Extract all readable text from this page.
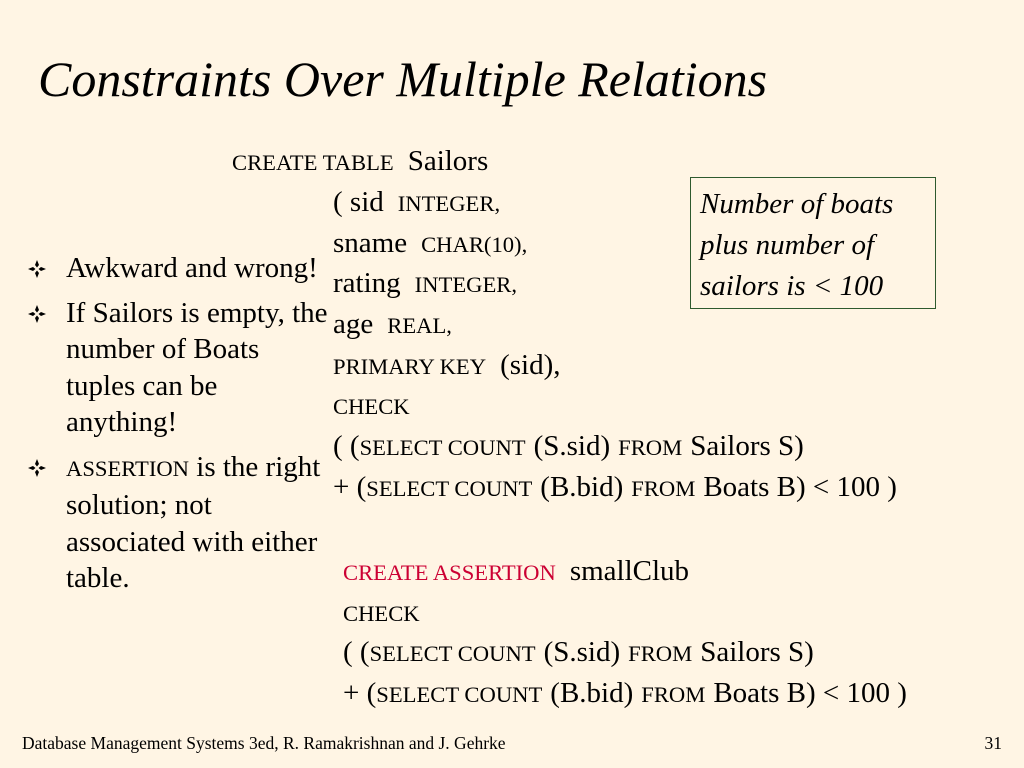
Constraints Over Multiple Relations
CREATE TABLE Sailors
( sid INTEGER,
sname CHAR(10),
rating INTEGER,
age REAL,
PRIMARY KEY (sid),
CHECK
( (SELECT COUNT (S.sid) FROM Sailors S)
+ (SELECT COUNT (B.bid) FROM Boats B) < 100 )
Number of boats
plus number of
sailors is < 100
Awkward and wrong!
If Sailors is empty, the number of Boats tuples can be anything!
ASSERTION is the right solution; not associated with either table.	CREATE ASSERTION smallClub
CHECK
( (SELECT COUNT (S.sid) FROM Sailors S)
+ (SELECT COUNT (B.bid) FROM Boats B) < 100 )
Database Management Systems 3ed, R. Ramakrishnan and J. Gehrke	31
